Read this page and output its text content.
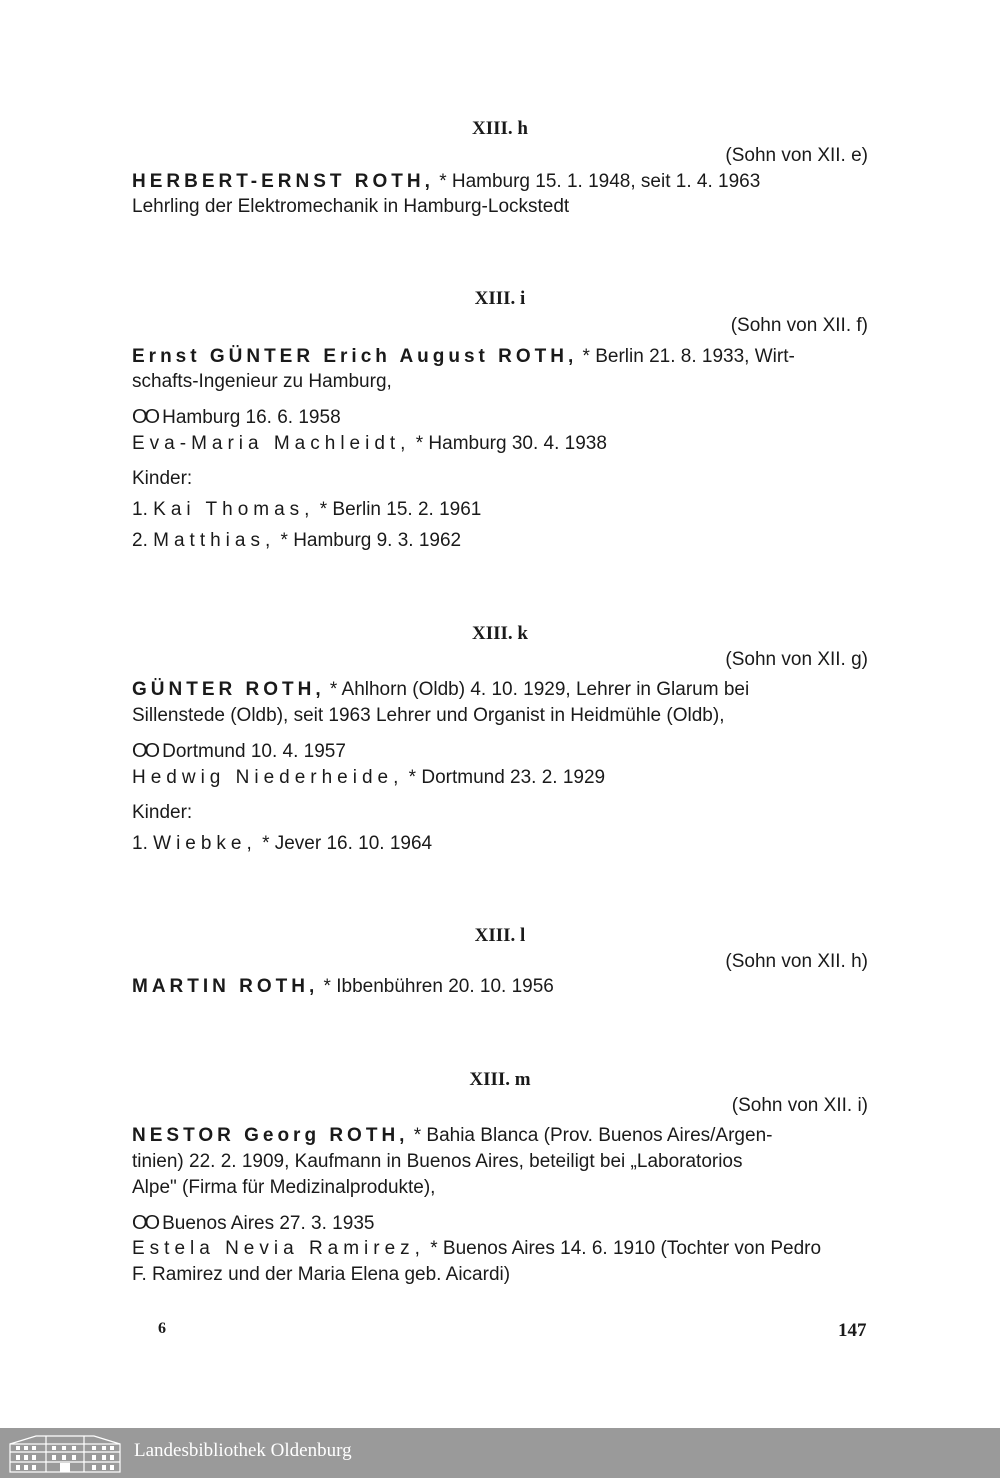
XIII. h
(Sohn von XII. e)
HERBERT-ERNST ROTH, * Hamburg 15. 1. 1948, seit 1. 4. 1963
Lehrling der Elektromechanik in Hamburg-Lockstedt
XIII. i
(Sohn von XII. f)
Ernst GÜNTER Erich August ROTH, * Berlin 21. 8. 1933, Wirt-
schafts-Ingenieur zu Hamburg,
OO Hamburg 16. 6. 1958
Eva-Maria Machleidt, * Hamburg 30. 4. 1938
Kinder:
1. Kai Thomas, * Berlin 15. 2. 1961
2. Matthias, * Hamburg 9. 3. 1962
XIII. k
(Sohn von XII. g)
GÜNTER ROTH, * Ahlhorn (Oldb) 4. 10. 1929, Lehrer in Glarum bei
Sillenstede (Oldb), seit 1963 Lehrer und Organist in Heidmühle (Oldb),
OO Dortmund 10. 4. 1957
Hedwig Niederheide, * Dortmund 23. 2. 1929
Kinder:
1. Wiebke, * Jever 16. 10. 1964
XIII. l
(Sohn von XII. h)
MARTIN ROTH, * Ibbenbühren 20. 10. 1956
XIII. m
(Sohn von XII. i)
NESTOR Georg ROTH, * Bahia Blanca (Prov. Buenos Aires/Argen-
tinien) 22. 2. 1909, Kaufmann in Buenos Aires, beteiligt bei „Laboratorios
Alpe" (Firma für Medizinalprodukte),
OO Buenos Aires 27. 3. 1935
Estela Nevia Ramirez, * Buenos Aires 14. 6. 1910 (Tochter von Pedro
F. Ramirez und der Maria Elena geb. Aicardi)
6	147
Landesbibliothek Oldenburg
